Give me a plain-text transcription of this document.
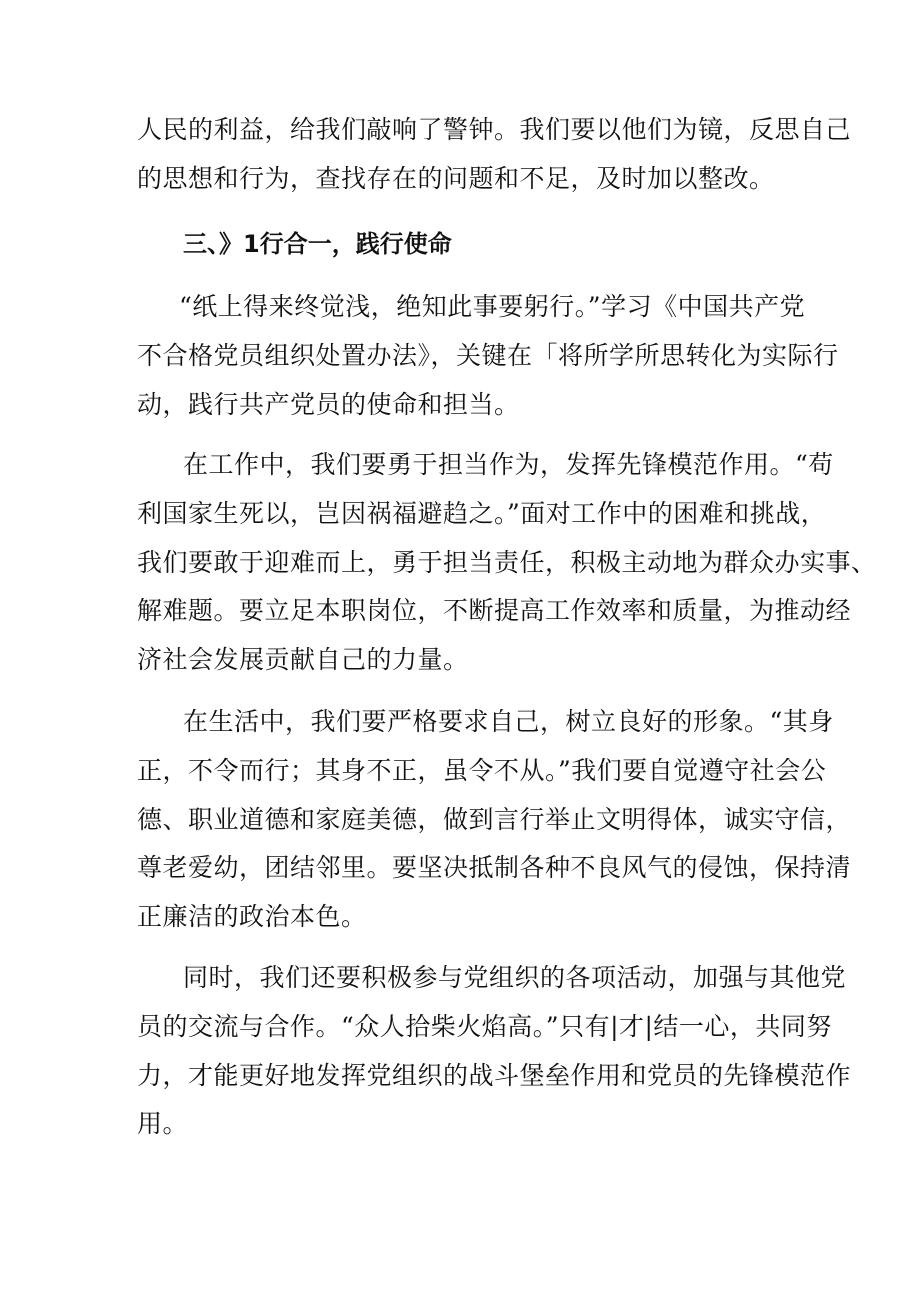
人民的利益，给我们敲响了警钟。我们要以他们为镜，反思自己
的思想和行为，查找存在的问题和不足，及时加以整改。
三、》1行合一，践行使命
“纸上得来终觉浅，绝知此事要躬行。”学习《中国共产党
不合格党员组织处置办法》，关键在「将所学所思转化为实际行
动，践行共产党员的使命和担当。
在工作中，我们要勇于担当作为，发挥先锋模范作用。“苟
利国家生死以，岂因祸福避趋之。”面对工作中的困难和挑战，
我们要敢于迎难而上，勇于担当责任，积极主动地为群众办实事、
解难题。要立足本职岗位，不断提高工作效率和质量，为推动经
济社会发展贡献自己的力量。
在生活中，我们要严格要求自己，树立良好的形象。“其身
正，不令而行；其身不正，虽令不从。”我们要自觉遵守社会公
德、职业道德和家庭美德，做到言行举止文明得体，诚实守信，
尊老爱幼，团结邻里。要坚决抵制各种不良风气的侵蚀，保持清
正廉洁的政治本色。
同时，我们还要积极参与党组织的各项活动，加强与其他党
员的交流与合作。“众人拾柴火焰高。”只有|才|结一心，共同努
力，才能更好地发挥党组织的战斗堡垒作用和党员的先锋模范作
用。
